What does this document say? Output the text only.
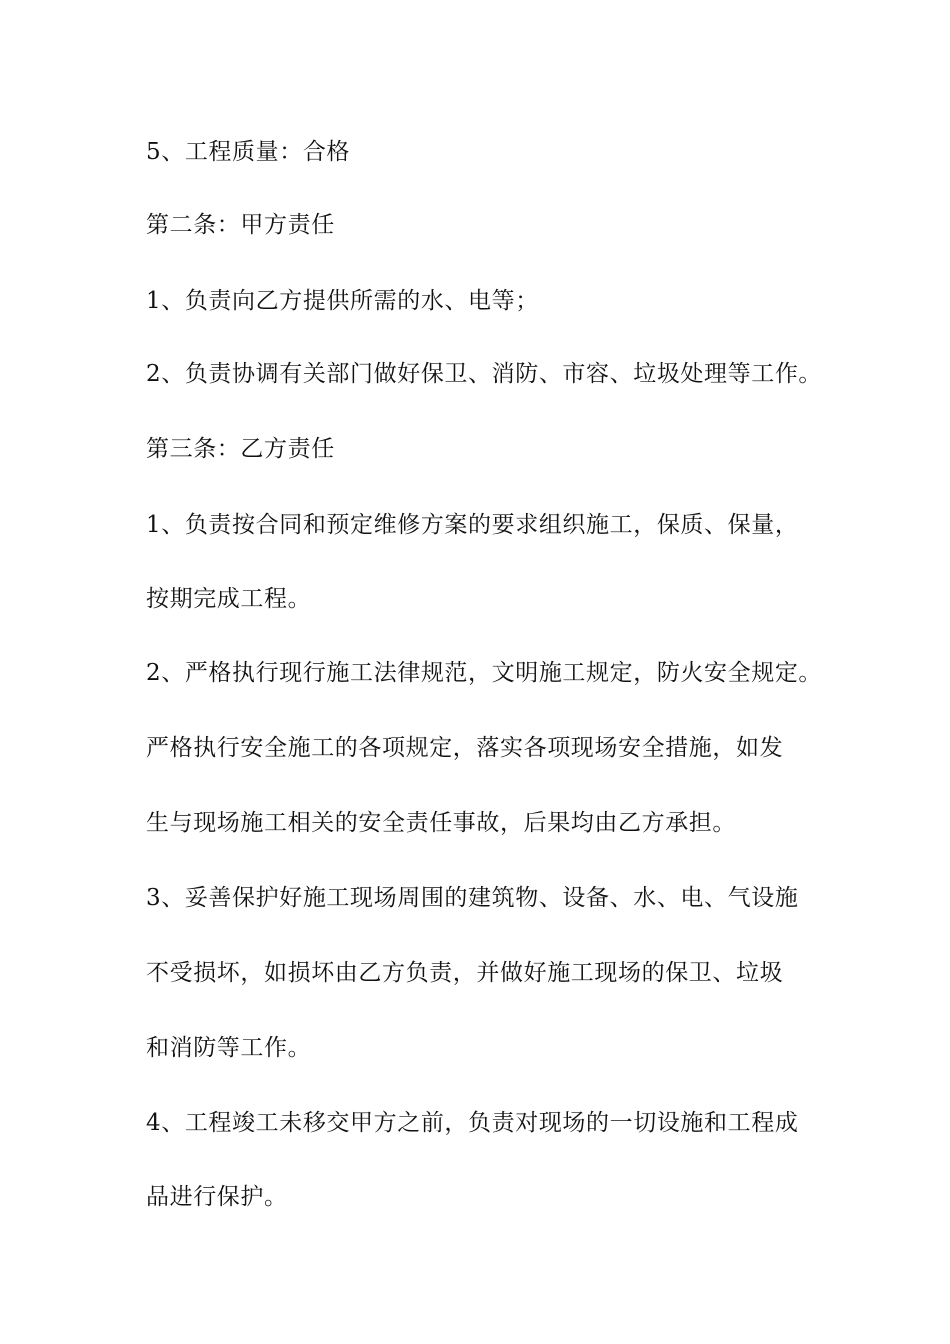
5、工程质量：合格
第二条：甲方责任
1、负责向乙方提供所需的水、电等；
2、负责协调有关部门做好保卫、消防、市容、垃圾处理等工作。
第三条：乙方责任
1、负责按合同和预定维修方案的要求组织施工，保质、保量，
按期完成工程。
2、严格执行现行施工法律规范，文明施工规定，防火安全规定。
严格执行安全施工的各项规定，落实各项现场安全措施，如发
生与现场施工相关的安全责任事故，后果均由乙方承担。
3、妥善保护好施工现场周围的建筑物、设备、水、电、气设施
不受损坏，如损坏由乙方负责，并做好施工现场的保卫、垃圾
和消防等工作。
4、工程竣工未移交甲方之前，负责对现场的一切设施和工程成
品进行保护。
